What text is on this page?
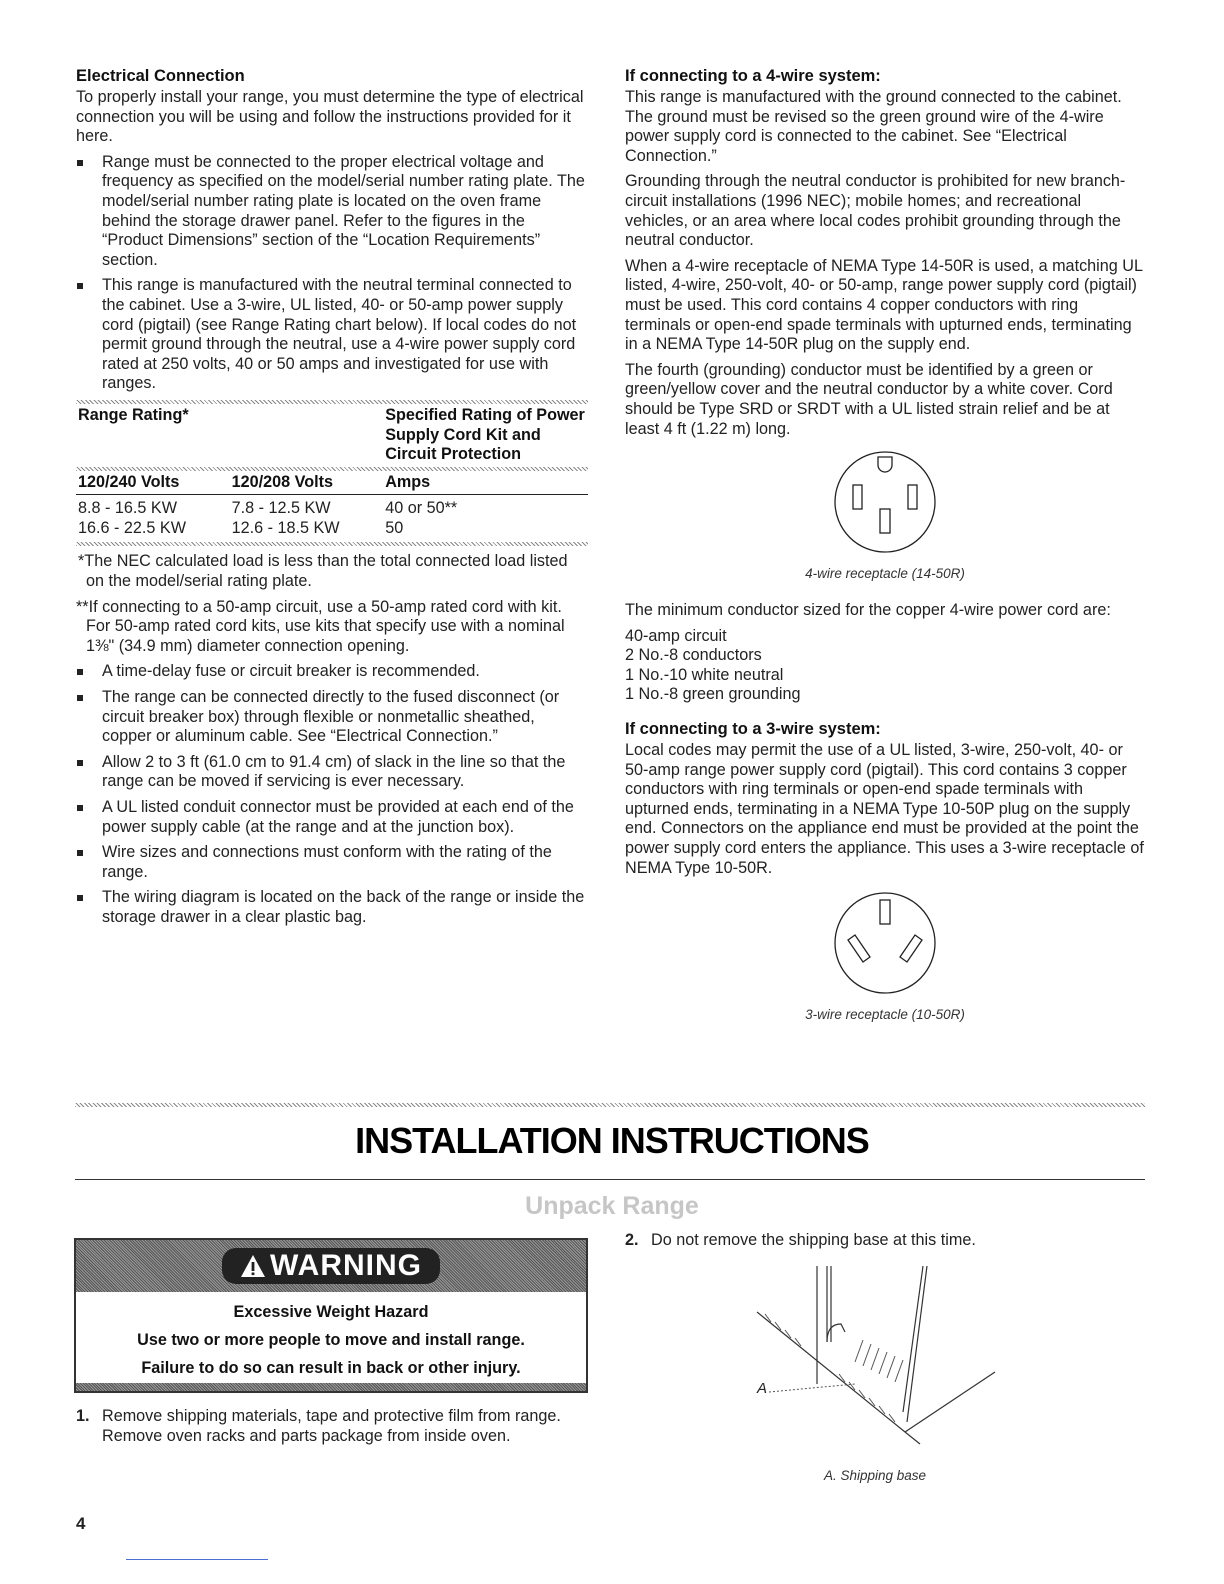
Electrical Connection

To properly install your range, you must determine the type of electrical connection you will be using and follow the instructions provided for it here.

Range must be connected to the proper electrical voltage and frequency as specified on the model/serial number rating plate. The model/serial number rating plate is located on the oven frame behind the storage drawer panel. Refer to the figures in the “Product Dimensions” section of the “Location Requirements” section.
This range is manufactured with the neutral terminal connected to the cabinet. Use a 3-wire, UL listed, 40- or 50-amp power supply cord (pigtail) (see Range Rating chart below). If local codes do not permit ground through the neutral, use a 4-wire power supply cord rated at 250 volts, 40 or 50 amps and investigated for use with ranges.
Range Rating*	Specified Rating of Power Supply Cord Kit and Circuit Protection
120/240 Volts	120/208 Volts	Amps

8.8 - 16.5 KW	7.8 - 12.5 KW	40 or 50**
16.6 - 22.5 KW	12.6 - 18.5 KW	50

*The NEC calculated load is less than the total connected load listed on the model/serial rating plate.

**If connecting to a 50-amp circuit, use a 50-amp rated cord with kit. For 50-amp rated cord kits, use kits that specify use with a nominal 1⅜" (34.9 mm) diameter connection opening.

A time-delay fuse or circuit breaker is recommended.
The range can be connected directly to the fused disconnect (or circuit breaker box) through flexible or nonmetallic sheathed, copper or aluminum cable. See “Electrical Connection.”
Allow 2 to 3 ft (61.0 cm to 91.4 cm) of slack in the line so that the range can be moved if servicing is ever necessary.
A UL listed conduit connector must be provided at each end of the power supply cable (at the range and at the junction box).
Wire sizes and connections must conform with the rating of the range.
The wiring diagram is located on the back of the range or inside the storage drawer in a clear plastic bag.
If connecting to a 4-wire system:

This range is manufactured with the ground connected to the cabinet. The ground must be revised so the green ground wire of the 4-wire power supply cord is connected to the cabinet. See “Electrical Connection.”

Grounding through the neutral conductor is prohibited for new branch-circuit installations (1996 NEC); mobile homes; and recreational vehicles, or an area where local codes prohibit grounding through the neutral conductor.

When a 4-wire receptacle of NEMA Type 14-50R is used, a matching UL listed, 4-wire, 250-volt, 40- or 50-amp, range power supply cord (pigtail) must be used. This cord contains 4 copper conductors with ring terminals or open-end spade terminals with upturned ends, terminating in a NEMA Type 14-50R plug on the supply end.

The fourth (grounding) conductor must be identified by a green or green/yellow cover and the neutral conductor by a white cover. Cord should be Type SRD or SRDT with a UL listed strain relief and be at least 4 ft (1.22 m) long.

4-wire receptacle (14-50R)

The minimum conductor sized for the copper 4-wire power cord are:

40-amp circuit
2 No.-8 conductors
1 No.-10 white neutral
1 No.-8 green grounding
If connecting to a 3-wire system:

Local codes may permit the use of a UL listed, 3-wire, 250-volt, 40- or 50-amp range power supply cord (pigtail). This cord contains 3 copper conductors with ring terminals or open-end spade terminals with upturned ends, terminating in a NEMA Type 10-50P plug on the supply end. Connectors on the appliance end must be provided at the point the power supply cord enters the appliance. This uses a 3-wire receptacle of NEMA Type 10-50R.

3-wire receptacle (10-50R)
INSTALLATION INSTRUCTIONS
Unpack Range
WARNING
Excessive Weight Hazard
Use two or more people to move and install range.
Failure to do so can result in back or other injury.
1. Remove shipping materials, tape and protective film from range. Remove oven racks and parts package from inside oven.
2. Do not remove the shipping base at this time.
A
A. Shipping base
4
